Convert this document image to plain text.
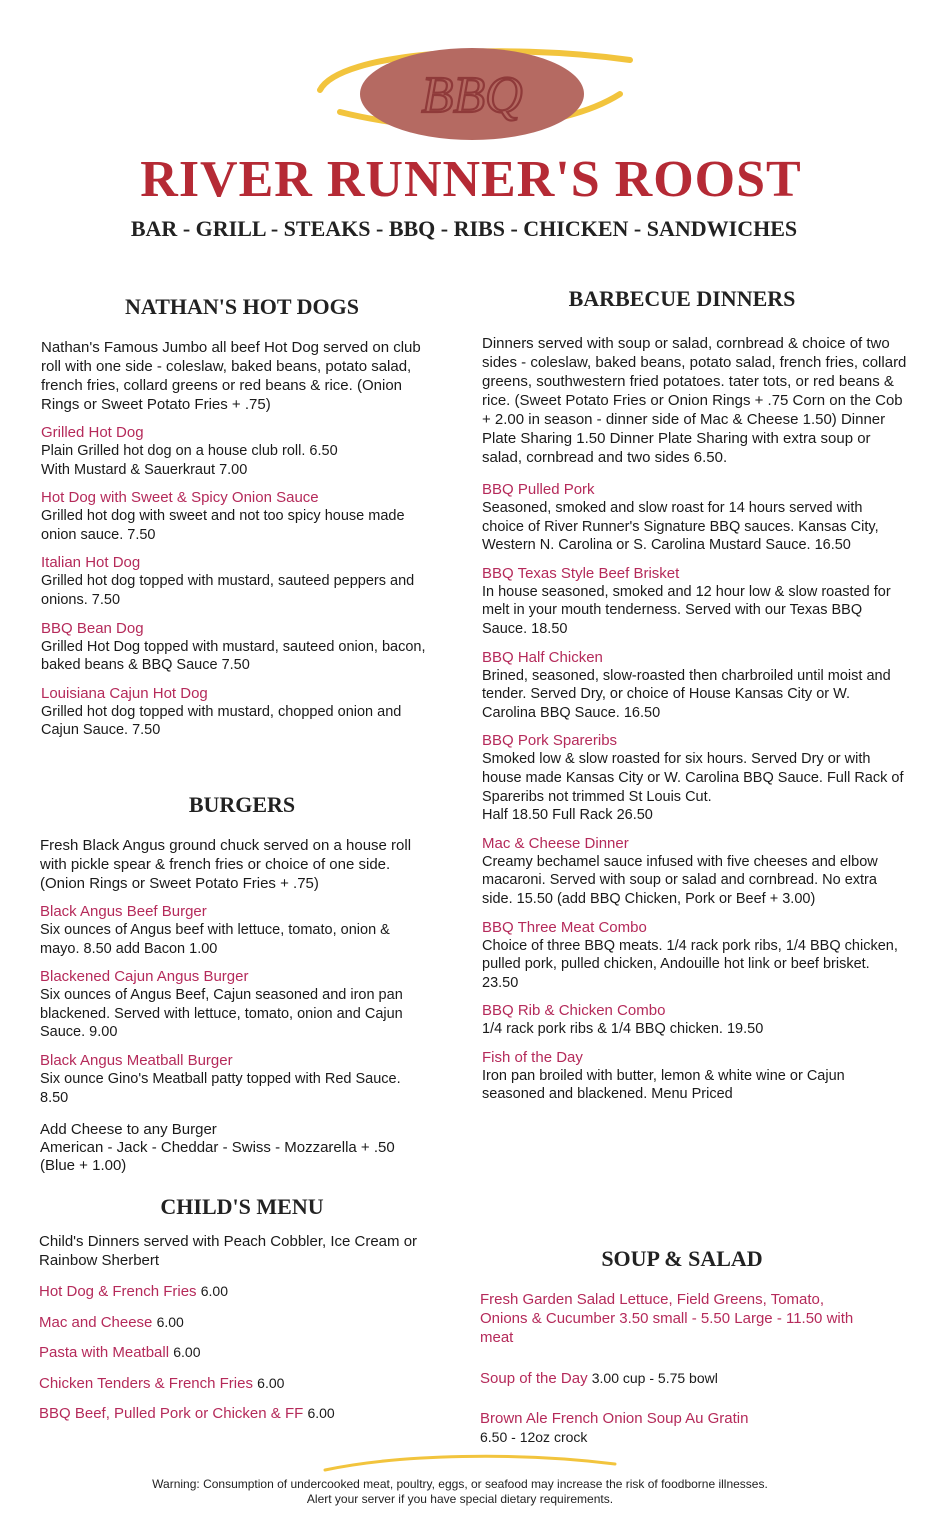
BBQ
RIVER RUNNER'S ROOST
BAR - GRILL - STEAKS - BBQ - RIBS - CHICKEN - SANDWICHES
NATHAN'S HOT DOGS

Nathan's Famous Jumbo all beef Hot Dog served on club roll with one side - coleslaw, baked beans, potato salad, french fries, collard greens or red beans & rice. (Onion Rings or Sweet Potato Fries + .75)

Grilled Hot Dog
Plain Grilled hot dog on a house club roll. 6.50
With Mustard & Sauerkraut 7.00
Hot Dog with Sweet & Spicy Onion Sauce
Grilled hot dog with sweet and not too spicy house made onion sauce. 7.50
Italian Hot Dog
Grilled hot dog topped with mustard, sauteed peppers and onions. 7.50
BBQ Bean Dog
Grilled Hot Dog topped with mustard, sauteed onion, bacon, baked beans & BBQ Sauce 7.50
Louisiana Cajun Hot Dog
Grilled hot dog topped with mustard, chopped onion and Cajun Sauce. 7.50
BURGERS

Fresh Black Angus ground chuck served on a house roll with pickle spear & french fries or choice of one side. (Onion Rings or Sweet Potato Fries + .75)

Black Angus Beef Burger
Six ounces of Angus beef with lettuce, tomato, onion & mayo. 8.50 add Bacon 1.00
Blackened Cajun Angus Burger
Six ounces of Angus Beef, Cajun seasoned and iron pan blackened. Served with lettuce, tomato, onion and Cajun Sauce. 9.00
Black Angus Meatball Burger
Six ounce Gino's Meatball patty topped with Red Sauce. 8.50
Add Cheese to any Burger
American - Jack - Cheddar - Swiss - Mozzarella + .50
(Blue + 1.00)
CHILD'S MENU

Child's Dinners served with Peach Cobbler, Ice Cream or Rainbow Sherbert

Hot Dog & French Fries 6.00
Mac and Cheese 6.00
Pasta with Meatball 6.00
Chicken Tenders & French Fries 6.00
BBQ Beef, Pulled Pork or Chicken & FF 6.00
BARBECUE DINNERS

Dinners served with soup or salad, cornbread & choice of two sides - coleslaw, baked beans, potato salad, french fries, collard greens, southwestern fried potatoes. tater tots, or red beans & rice. (Sweet Potato Fries or Onion Rings + .75 Corn on the Cob + 2.00 in season - dinner side of Mac & Cheese 1.50) Dinner Plate Sharing 1.50 Dinner Plate Sharing with extra soup or salad, cornbread and two sides 6.50.

BBQ Pulled Pork
Seasoned, smoked and slow roast for 14 hours served with choice of River Runner's Signature BBQ sauces. Kansas City, Western N. Carolina or S. Carolina Mustard Sauce. 16.50
BBQ Texas Style Beef Brisket
In house seasoned, smoked and 12 hour low & slow roasted for melt in your mouth tenderness. Served with our Texas BBQ Sauce. 18.50
BBQ Half Chicken
Brined, seasoned, slow-roasted then charbroiled until moist and tender. Served Dry, or choice of House Kansas City or W. Carolina BBQ Sauce. 16.50
BBQ Pork Spareribs
Smoked low & slow roasted for six hours. Served Dry or with house made Kansas City or W. Carolina BBQ Sauce. Full Rack of Spareribs not trimmed St Louis Cut.
Half 18.50 Full Rack 26.50
Mac & Cheese Dinner
Creamy bechamel sauce infused with five cheeses and elbow macaroni. Served with soup or salad and cornbread. No extra side. 15.50 (add BBQ Chicken, Pork or Beef + 3.00)
BBQ Three Meat Combo
Choice of three BBQ meats. 1/4 rack pork ribs, 1/4 BBQ chicken, pulled pork, pulled chicken, Andouille hot link or beef brisket. 23.50
BBQ Rib & Chicken Combo
1/4 rack pork ribs & 1/4 BBQ chicken. 19.50
Fish of the Day
Iron pan broiled with butter, lemon & white wine or Cajun seasoned and blackened. Menu Priced
SOUP & SALAD
Fresh Garden Salad Lettuce, Field Greens, Tomato, Onions & Cucumber 3.50 small - 5.50 Large - 11.50 with meat
Soup of the Day 3.00 cup - 5.75 bowl
Brown Ale French Onion Soup Au Gratin
6.50 - 12oz crock
Warning: Consumption of undercooked meat, poultry, eggs, or seafood may increase the risk of foodborne illnesses.
Alert your server if you have special dietary requirements.
